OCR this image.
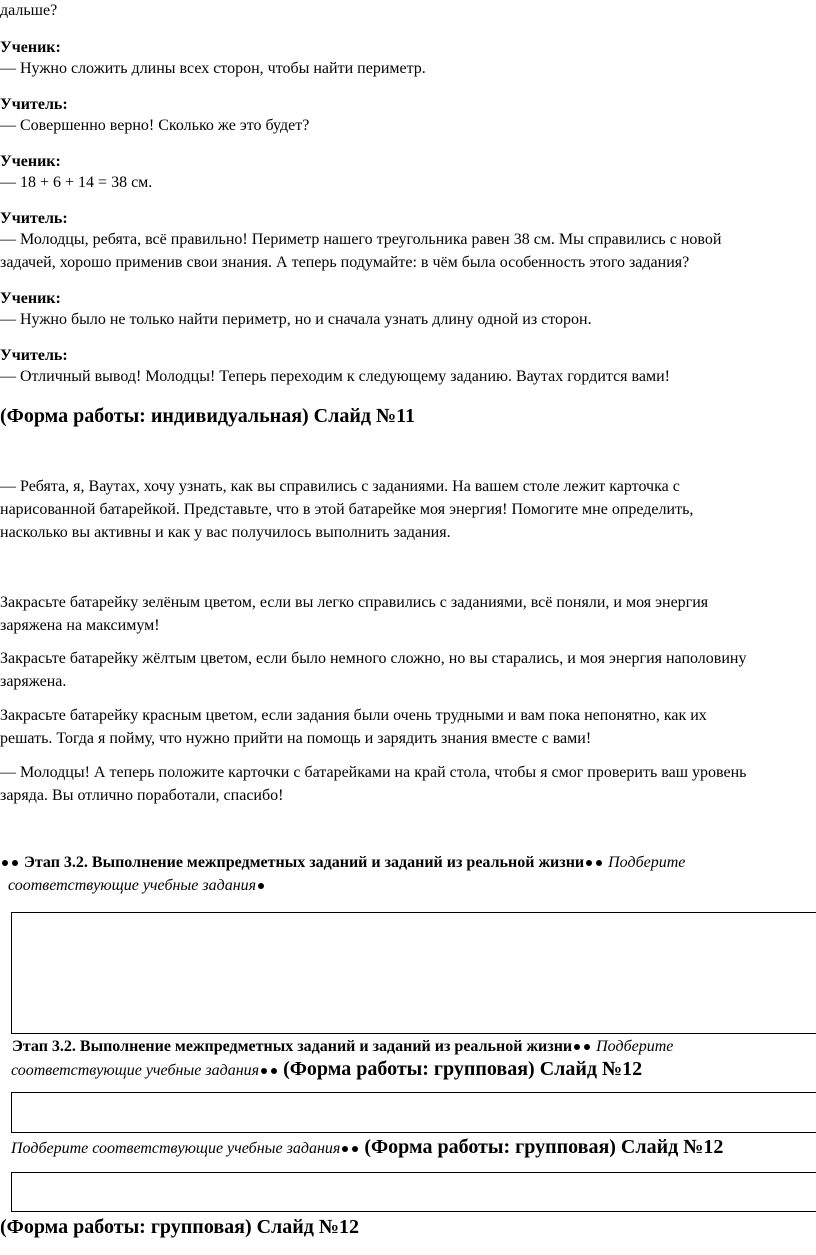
дальше?

Ученик:

— Нужно сложить длины всех сторон, чтобы найти периметр.

Учитель:

— Совершенно верно! Сколько же это будет?

Ученик:

— 18 + 6 + 14 = 38 см.

Учитель:

— Молодцы, ребята, всё правильно! Периметр нашего треугольника равен 38 см. Мы справились с новой

задачей, хорошо применив свои знания. А теперь подумайте: в чём была особенность этого задания?

Ученик:

— Нужно было не только найти периметр, но и сначала узнать длину одной из сторон.

Учитель:

— Отличный вывод! Молодцы! Теперь переходим к следующему заданию. Ваутах гордится вами!

(Форма работы: индивидуальная) Слайд №11

— Ребята, я, Ваутах, хочу узнать, как вы справились с заданиями. На вашем столе лежит карточка с

нарисованной батарейкой. Представьте, что в этой батарейке моя энергия! Помогите мне определить,

насколько вы активны и как у вас получилось выполнить задания.

Закрасьте батарейку зелёным цветом, если вы легко справились с заданиями, всё поняли, и моя энергия

заряжена на максимум!

Закрасьте батарейку жёлтым цветом, если было немного сложно, но вы старались, и моя энергия наполовину

заряжена.

Закрасьте батарейку красным цветом, если задания были очень трудными и вам пока непонятно, как их

решать. Тогда я пойму, что нужно прийти на помощь и зарядить знания вместе с вами!

— Молодцы! А теперь положите карточки с батарейками на край стола, чтобы я смог проверить ваш уровень

заряда. Вы отлично поработали, спасибо!

Этап 3.2. Выполнение межпредметных заданий и заданий из реальной жизни Подберите

соответствующие учебные задания

Этап 3.2. Выполнение межпредметных заданий и заданий из реальной жизни Подберите

соответствующие учебные задания (Форма работы: групповая) Слайд №12

Подберите соответствующие учебные задания (Форма работы: групповая) Слайд №12

(Форма работы: групповая) Слайд №12
